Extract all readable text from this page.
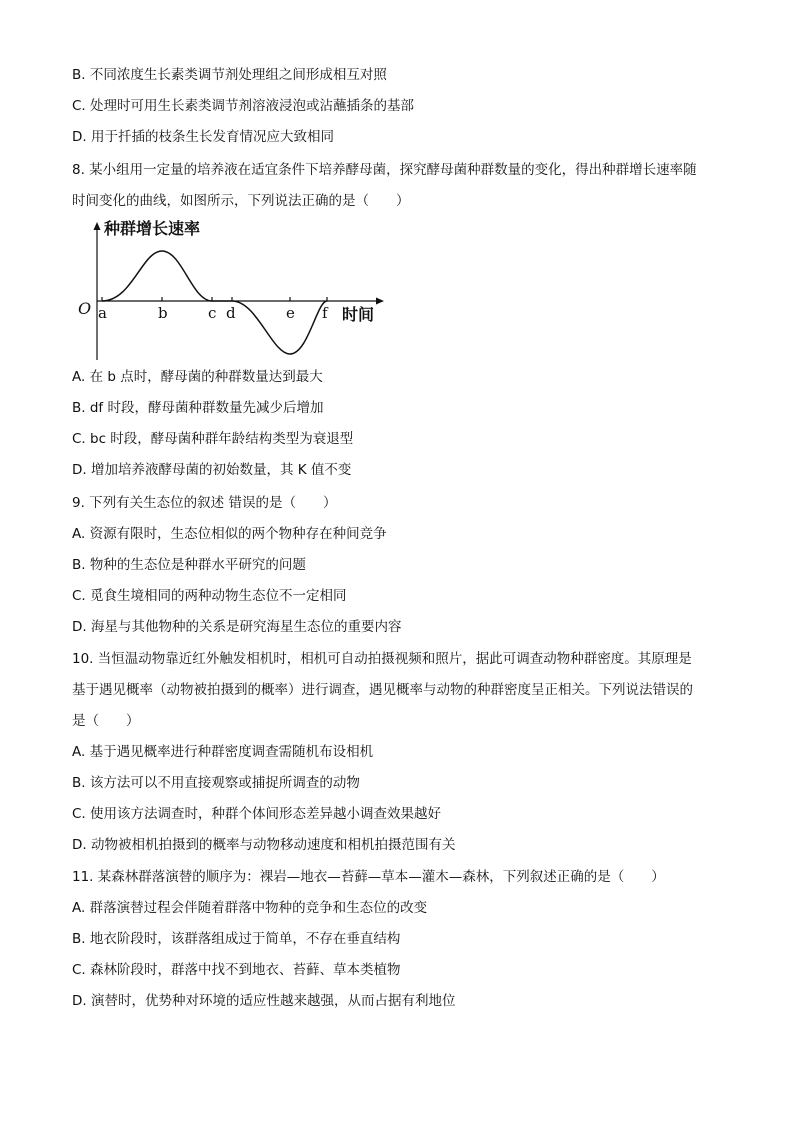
B. 不同浓度生长素类调节剂处理组之间形成相互对照
C. 处理时可用生长素类调节剂溶液浸泡或沾蘸插条的基部
D. 用于扦插的枝条生长发育情况应大致相同
8. 某小组用一定量的培养液在适宜条件下培养酵母菌，探究酵母菌种群数量的变化，得出种群增长速率随
时间变化的曲线，如图所示，下列说法正确的是（　　）
A. 在 b 点时，酵母菌的种群数量达到最大
B. df 时段，酵母菌种群数量先减少后增加
C. bc 时段，酵母菌种群年龄结构类型为衰退型
D. 增加培养液酵母菌的初始数量，其 K 值不变
9. 下列有关生态位的叙述 错误的是（　　）
A. 资源有限时，生态位相似的两个物种存在种间竞争
B. 物种的生态位是种群水平研究的问题
C. 觅食生境相同的两种动物生态位不一定相同
D. 海星与其他物种的关系是研究海星生态位的重要内容
10. 当恒温动物靠近红外触发相机时，相机可自动拍摄视频和照片，据此可调查动物种群密度。其原理是
基于遇见概率（动物被拍摄到的概率）进行调查，遇见概率与动物的种群密度呈正相关。下列说法错误的
是（　　）
A. 基于遇见概率进行种群密度调查需随机布设相机
B. 该方法可以不用直接观察或捕捉所调查的动物
C. 使用该方法调查时，种群个体间形态差异越小调查效果越好
D. 动物被相机拍摄到的概率与动物移动速度和相机拍摄范围有关
11. 某森林群落演替的顺序为：裸岩—地衣—苔藓—草本—灌木—森林，下列叙述正确的是（　　）
A. 群落演替过程会伴随着群落中物种的竞争和生态位的改变
B. 地衣阶段时，该群落组成过于简单，不存在垂直结构
C. 森林阶段时，群落中找不到地衣、苔藓、草本类植物
D. 演替时，优势种对环境的适应性越来越强，从而占据有利地位
种群增长速率
O	时间
a	b	c d	e f
